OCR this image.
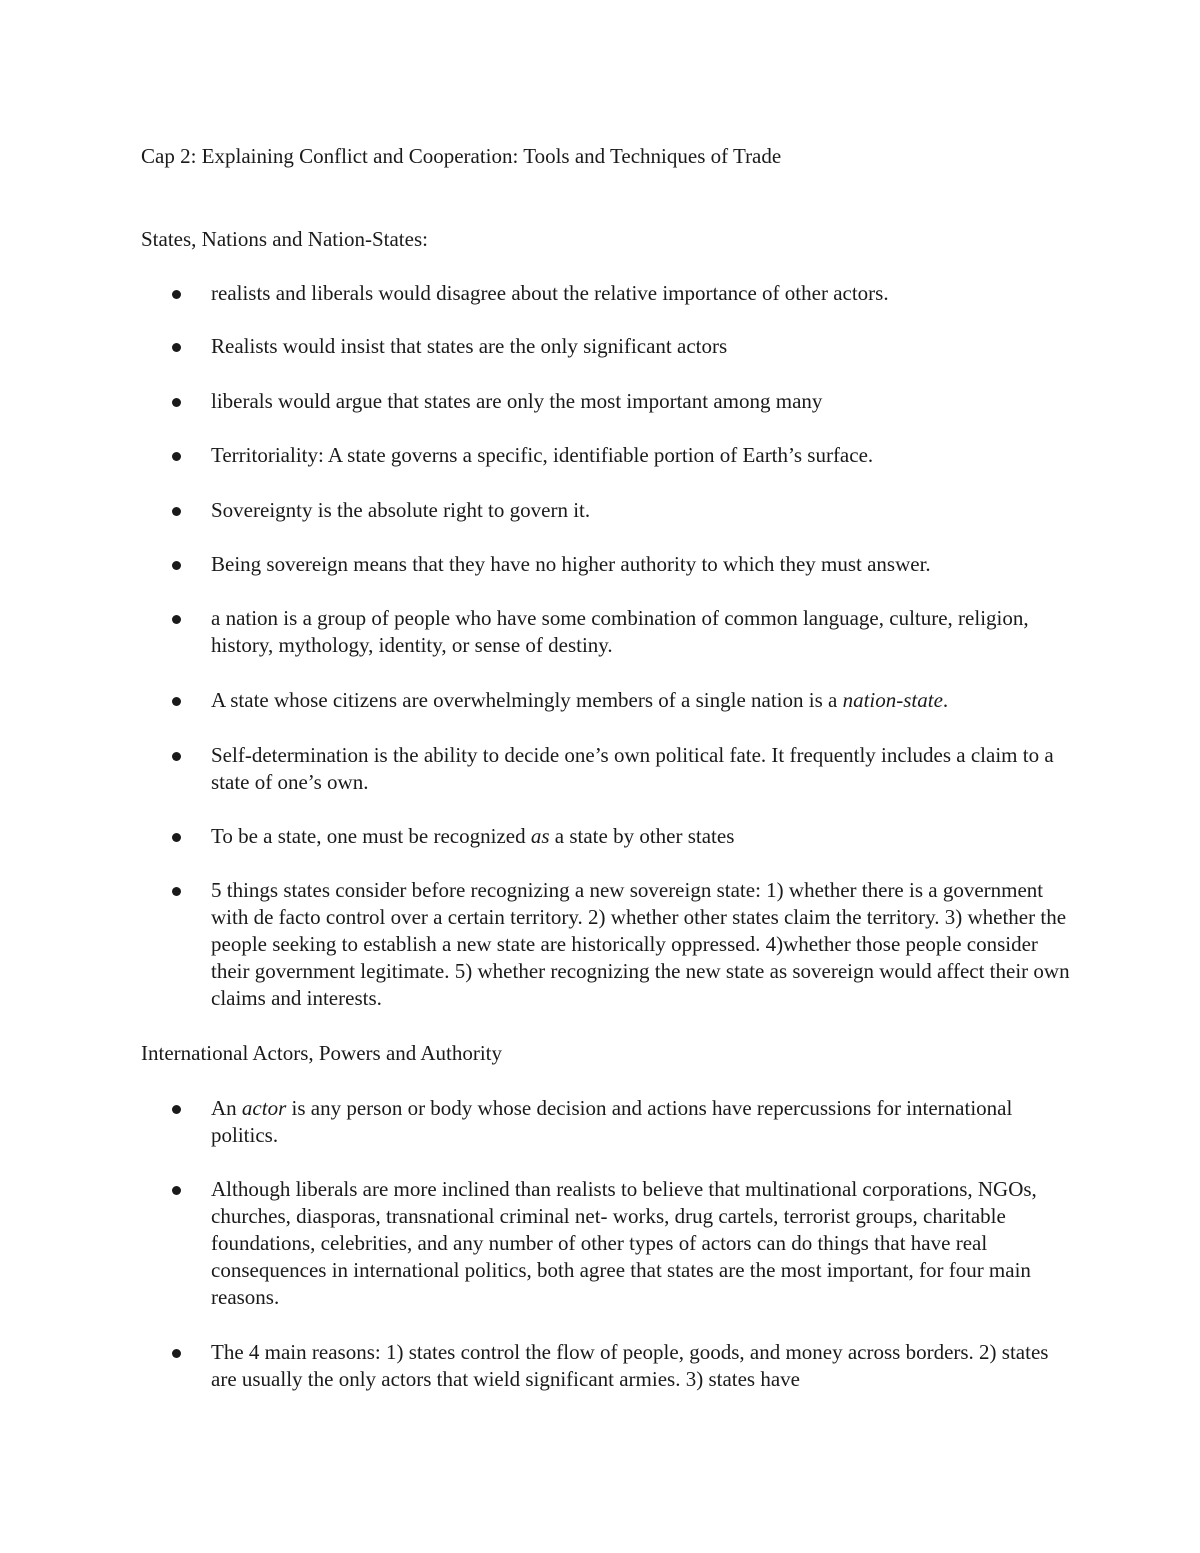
Cap 2: Explaining Conflict and Cooperation: Tools and Techniques of Trade
States, Nations and Nation-States:
realists and liberals would disagree about the relative importance of other actors.
Realists would insist that states are the only significant actors
liberals would argue that states are only the most important among many
Territoriality: A state governs a specific, identifiable portion of Earth’s surface.
Sovereignty is the absolute right to govern it.
Being sovereign means that they have no higher authority to which they must answer.
a nation is a group of people who have some combination of common language, culture, religion, history, mythology, identity, or sense of destiny.
A state whose citizens are overwhelmingly members of a single nation is a nation-state.
Self-determination is the ability to decide one’s own political fate. It frequently includes a claim to a state of one’s own.
To be a state, one must be recognized as a state by other states
5 things states consider before recognizing a new sovereign state: 1) whether there is a government with de facto control over a certain territory. 2) whether other states claim the territory. 3) whether the people seeking to establish a new state are historically oppressed. 4)whether those people consider their government legitimate. 5) whether recognizing the new state as sovereign would affect their own claims and interests.
International Actors, Powers and Authority
An actor is any person or body whose decision and actions have repercussions for international politics.
Although liberals are more inclined than realists to believe that multinational corporations, NGOs, churches, diasporas, transnational criminal net- works, drug cartels, terrorist groups, charitable foundations, celebrities, and any number of other types of actors can do things that have real consequences in international politics, both agree that states are the most important, for four main reasons.
The 4 main reasons: 1) states control the flow of people, goods, and money across borders. 2) states are usually the only actors that wield significant armies. 3) states have
